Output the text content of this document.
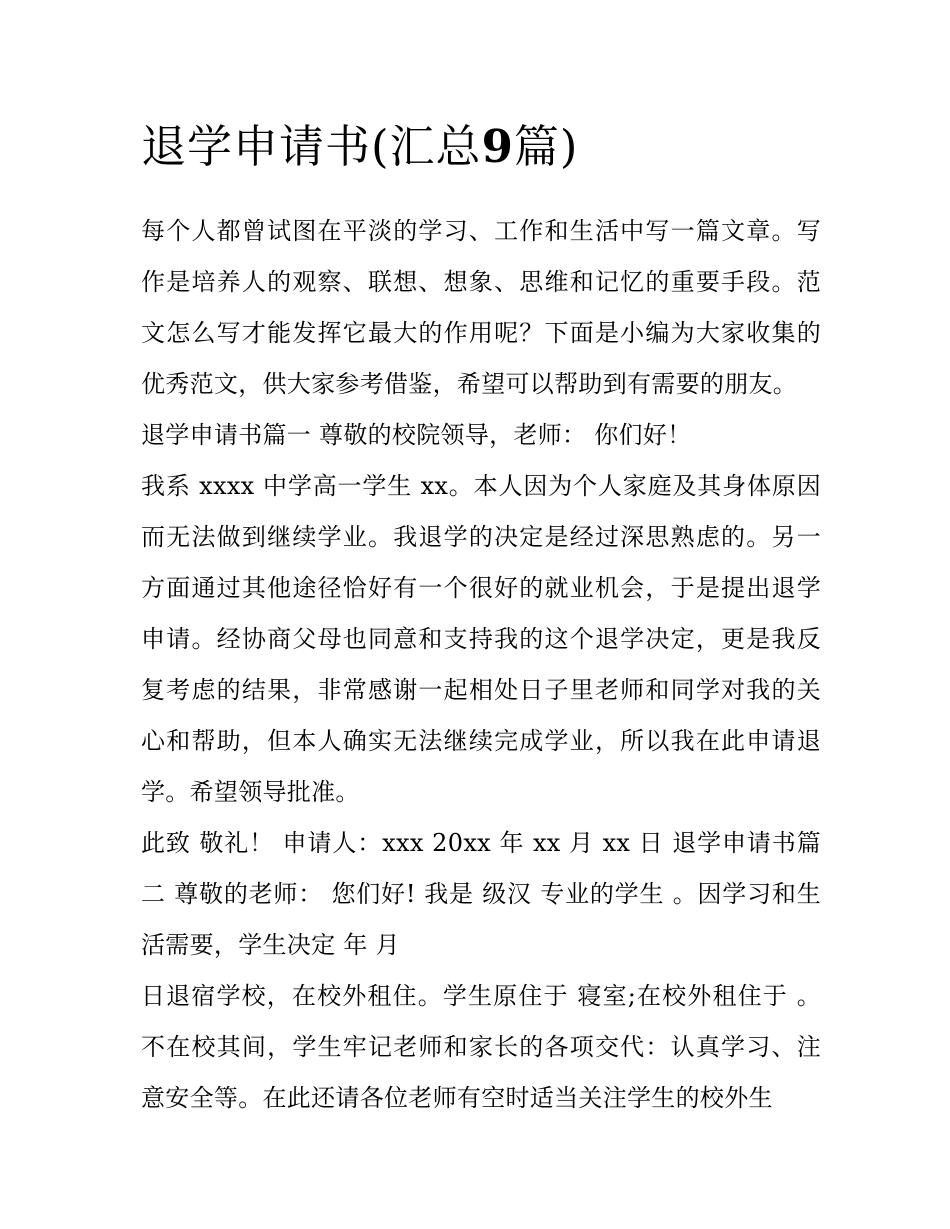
退学申请书(汇总9篇)

每个人都曾试图在平淡的学习、工作和生活中写一篇文章。写作是培养人的观察、联想、想象、思维和记忆的重要手段。范文怎么写才能发挥它最大的作用呢？下面是小编为大家收集的优秀范文，供大家参考借鉴，希望可以帮助到有需要的朋友。

退学申请书篇一 尊敬的校院领导，老师： 你们好！

我系 xxxx 中学高一学生 xx。本人因为个人家庭及其身体原因而无法做到继续学业。我退学的决定是经过深思熟虑的。另一方面通过其他途径恰好有一个很好的就业机会，于是提出退学申请。经协商父母也同意和支持我的这个退学决定，更是我反复考虑的结果，非常感谢一起相处日子里老师和同学对我的关心和帮助，但本人确实无法继续完成学业，所以我在此申请退学。希望领导批准。

此致 敬礼！ 申请人：xxx 20xx 年 xx 月 xx 日 退学申请书篇二 尊敬的老师： 您们好! 我是 级汉 专业的学生 。因学习和生活需要，学生决定 年 月

日退宿学校，在校外租住。学生原住于 寝室;在校外租住于 。不在校其间，学生牢记老师和家长的各项交代：认真学习、注意安全等。在此还请各位老师有空时适当关注学生的校外生
